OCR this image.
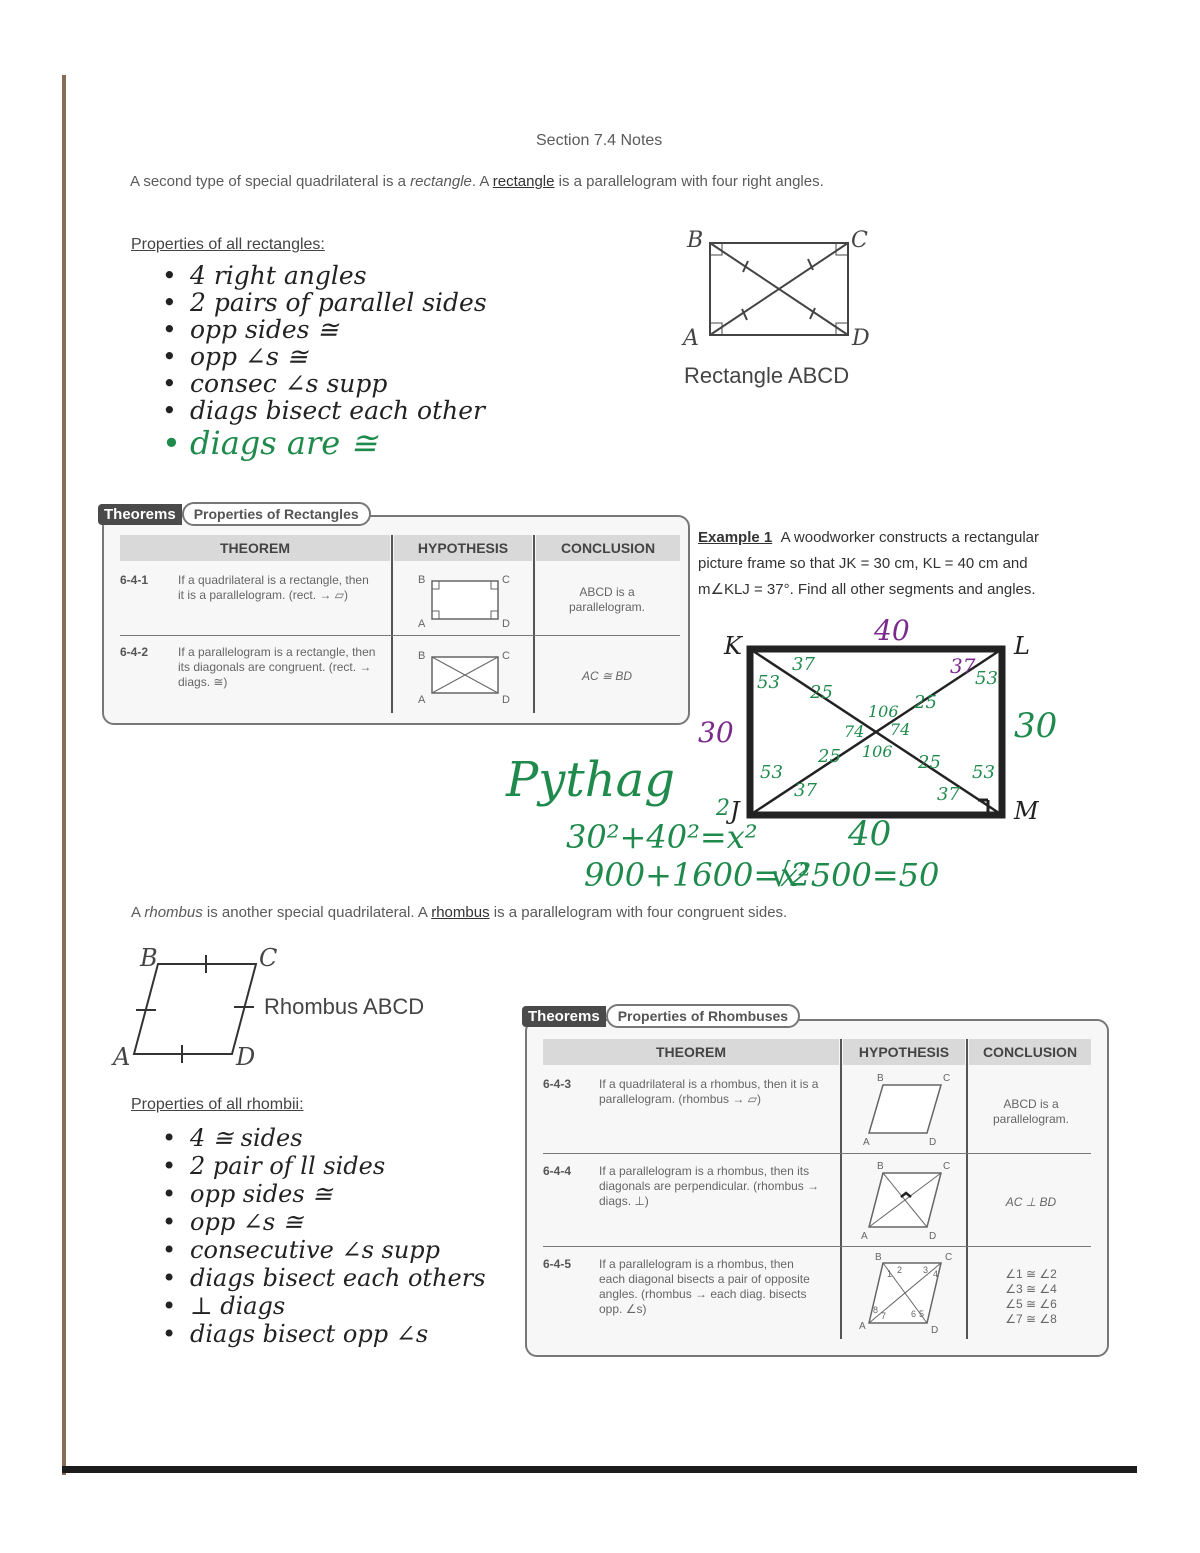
Section 7.4 Notes
A second type of special quadrilateral is a rectangle. A rectangle is a parallelogram with four right angles.
Properties of all rectangles:
• 4 right angles
• 2 pairs of parallel sides
• opp sides ≅
• opp ∠s ≅
• consec ∠s supp
• diags bisect each other
• diags are ≅
B	C
A	D
Rectangle ABCD
THEOREM	HYPOTHESIS	CONCLUSION
6-4-1 If a quadrilateral is a rectangle, then it is a parallelogram. (rect. → ▱)
B	C
A	D
ABCD is a parallelogram.
6-4-2 If a parallelogram is a rectangle, then its diagonals are congruent. (rect. → diags. ≅)
B	C
A	D
AC ≅ BD
Theorems	Properties of Rectangles
Example 1 A woodworker constructs a rectangular picture frame so that JK = 30 cm, KL = 40 cm and m∠KLJ = 37°. Find all other segments and angles.
K	L
J	M
2
37
53 25
106 25
74 74
25 106
25
53
37	37
53
40
37
30
53
30
40
Pythag
30²+40²=x²
900+1600=x²
√2500=50
A rhombus is another special quadrilateral. A rhombus is a parallelogram with four congruent sides.
B	C
A	D
Rhombus ABCD
Properties of all rhombii:
• 4 ≅ sides
• 2 pair of ll sides
• opp sides ≅
• opp ∠s ≅
• consecutive ∠s supp
• diags bisect each others
• ⊥ diags
• diags bisect opp ∠s
THEOREM	HYPOTHESIS	CONCLUSION
6-4-3 If a quadrilateral is a rhombus, then it is a parallelogram. (rhombus → ▱)
B	C
A	D
ABCD is a parallelogram.
6-4-4 If a parallelogram is a rhombus, then its diagonals are perpendicular. (rhombus → diags. ⊥)
B	C
A	D
AC ⊥ BD
6-4-5 If a parallelogram is a rhombus, then each diagonal bisects a pair of opposite angles. (rhombus → each diag. bisects opp. ∠s)
1 2 3 4
6 5
8
7
B	C
A	D
∠1 ≅ ∠2
∠3 ≅ ∠4
∠5 ≅ ∠6
∠7 ≅ ∠8
Theorems	Properties of Rhombuses
